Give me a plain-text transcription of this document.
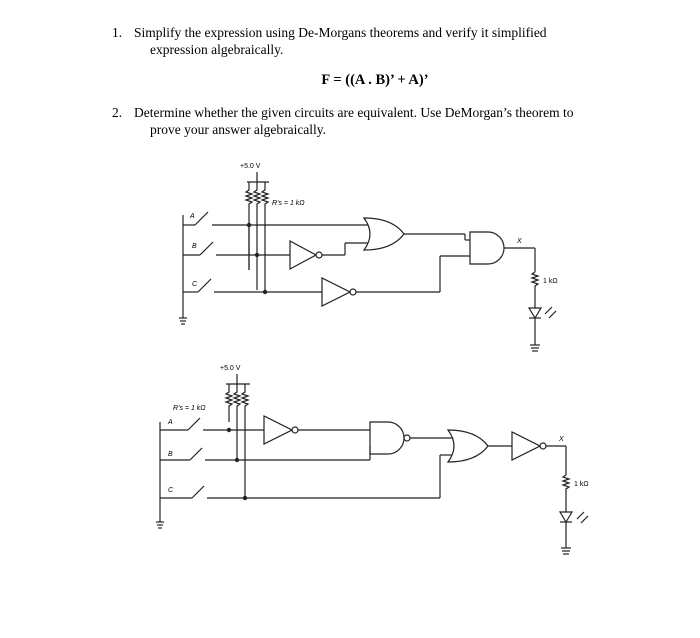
1. Simplify the expression using De-Morgans theorems and verify it simplified
expression algebraically.
F = ((A . B)’ + A)’
2. Determine whether the given circuits are equivalent. Use DeMorgan’s theorem to
prove your answer algebraically.
+5.0 V
R’s = 1 kΩ
A
B
C
X
1 kΩ
+5.0 V
R’s = 1 kΩ
A
B
C
X
1 kΩ
